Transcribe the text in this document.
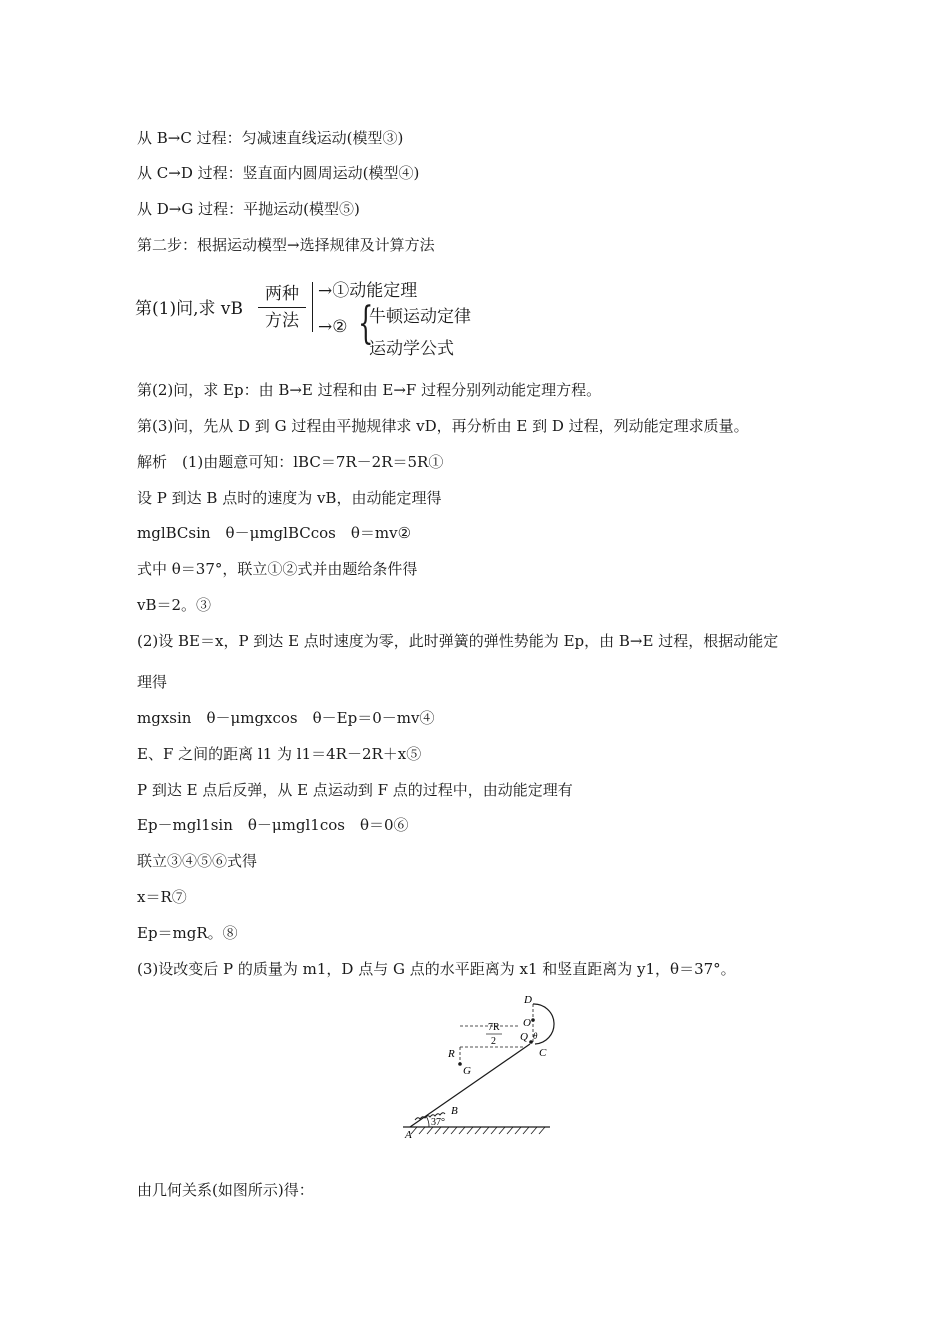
从 B→C 过程：匀减速直线运动(模型③)
从 C→D 过程：竖直面内圆周运动(模型④)
从 D→G 过程：平抛运动(模型⑤)
第二步：根据运动模型→选择规律及计算方法
第(1)问,求 vB
两种
方法
→①动能定理
→② {
牛顿运动定律
运动学公式
第(2)问，求 Ep：由 B→E 过程和由 E→F 过程分别列动能定理方程。
第(3)问，先从 D 到 G 过程由平抛规律求 vD，再分析由 E 到 D 过程，列动能定理求质量。
解析　(1)由题意可知：lBC＝7R－2R＝5R①
设 P 到达 B 点时的速度为 vB，由动能定理得
mglBCsin　θ－μmglBCcos　θ＝mv②
式中 θ＝37°，联立①②式并由题给条件得
vB＝2。③
(2)设 BE＝x，P 到达 E 点时速度为零，此时弹簧的弹性势能为 Ep，由 B→E 过程，根据动能定
理得
mgxsin　θ－μmgxcos　θ－Ep＝0－mv④
E、F 之间的距离 l1 为 l1＝4R－2R＋x⑤
P 到达 E 点后反弹，从 E 点运动到 F 点的过程中，由动能定理有
Ep－mgl1sin　θ－μmgl1cos　θ＝0⑥
联立③④⑤⑥式得
x＝R⑦
Ep＝mgR。⑧
(3)设改变后 P 的质量为 m1，D 点与 G 点的水平距离为 x1 和竖直距离为 y1，θ＝37°。
37°
D
O
Q θ
C
R
G
B
A
7R
2
由几何关系(如图所示)得：
